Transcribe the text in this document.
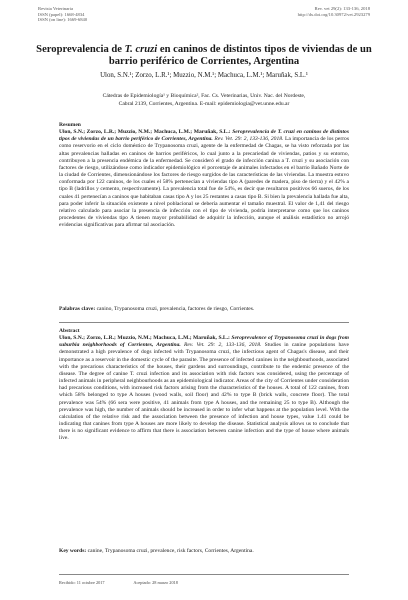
Revista Veterinaria
ISSN (papel): 1668-4834
ISSN (on line): 1669-6840
Rev. vet 29(2): 133-136, 2018
http://dx.doi.org/10.30972/vet.2923279
Seroprevalencia de T. cruzi en caninos de distintos tipos de viviendas de un barrio periférico de Corrientes, Argentina
Ulon, S.N.¹; Zorzo, L.R.¹; Muzzio, N.M.¹; Machuca, L.M.¹; Maruñak, S.L.¹
Cátedras de Epidemiología¹ y Bioquímica², Fac. Cs. Veterinarias, Univ. Nac. del Nordeste,
Cabral 2139, Corrientes, Argentina. E-mail: epidemiologia@vet.unne.edu.ar

Resumen

Ulon, S.N.; Zorzo, L.R.; Muzzio, N.M.; Machuca, L.M.; Maruñak, S.L.: Seroprevalencia de T. cruzi en caninos de distintos tipos de viviendas de un barrio periférico de Corrientes, Argentina. Rev. Vet. 29: 2, 133-136, 2018. La importancia de los perros como reservorio en el ciclo doméstico de Trypanosoma cruzi, agente de la enfermedad de Chagas, se ha visto reforzada por las altas prevalencias halladas en caninos de barrios periféricos, lo cual junto a la precariedad de viviendas, patios y su entorno, contribuyen a la presencia endémica de la enfermedad. Se consideró el grado de infección canina a T. cruzi y su asociación con factores de riesgo, utilizándose como indicador epidemiológico el porcentaje de animales infectados en el barrio Bañado Norte de la ciudad de Corrientes, dimensionándose los factores de riesgo surgidos de las características de las viviendas. La muestra estuvo conformada por 122 caninos, de los cuales el 58% pertenecían a viviendas tipo A (paredes de madera, piso de tierra) y el 42% a tipo B (ladrillos y cemento, respectivamente). La prevalencia total fue de 54%, es decir que resultaron positivos 66 sueros, de los cuales 41 pertenecían a caninos que habitaban casas tipo A y los 25 restantes a casas tipo B. Si bien la prevalencia hallada fue alta, para poder inferir la situación existente a nivel poblacional se debería aumentar el tamaño muestral. El valor de 1,41 del riesgo relativo calculado para asociar la presencia de infección con el tipo de vivienda, podría interpretarse como que los caninos procedentes de viviendas tipo A tienen mayor probabilidad de adquirir la infección, aunque el análisis estadístico no arrojó evidencias significativas para afirmar tal asociación.

Palabras clave: canino, Trypanosoma cruzi, prevalencia, factores de riesgo, Corrientes.

Abstract

Ulon, S.N.; Zorzo, L.R.; Muzzio, N.M.; Machuca, L.M.; Maruñak, S.L.: Seroprevalence of Trypanosoma cruzi in dogs from suburbia neighborhoods of Corrientes, Argentina. Rev. Vet. 29: 2, 133-136, 2018. Studies in canine populations have demonstrated a high prevalence of dogs infected with Trypanosoma cruzi, the infectious agent of Chagas's disease, and their importance as a reservoir in the domestic cycle of the parasite. The presence of infected canines in the neighbourhoods, associated with the precarious characteristics of the houses, their gardens and surroundings, contribute to the endemic presence of the disease. The degree of canine T. cruzi infection and its association with risk factors was considered, using the percentage of infected animals in peripheral neighbourhoods as an epidemiological indicator. Areas of the city of Corrientes under consideration had precarious conditions, with increased risk factors arising from the characteristics of the houses. A total of 122 canines, from which 58% belonged to type A houses (wood walls, soil floor) and 42% to type B (brick walls, concrete floor). The total prevalence was 54% (66 sera were positive, 41 animals from type A houses, and the remaining 25 to type B). Although the prevalence was high, the number of animals should be increased in order to infer what happens at the population level. With the calculation of the relative risk and the association between the presence of infection and house types, value 1.41 could be indicating that canines from type A houses are more likely to develop the disease. Statistical analysis allows us to conclude that there is no significant evidence to affirm that there is association between canine infection and the type of house where animals live.

Key words: canine, Trypanosoma cruzi, prevalence, risk factors, Corrientes, Argentina.

Recibido: 11 octubre 2017	Aceptado: 28 marzo 2018
